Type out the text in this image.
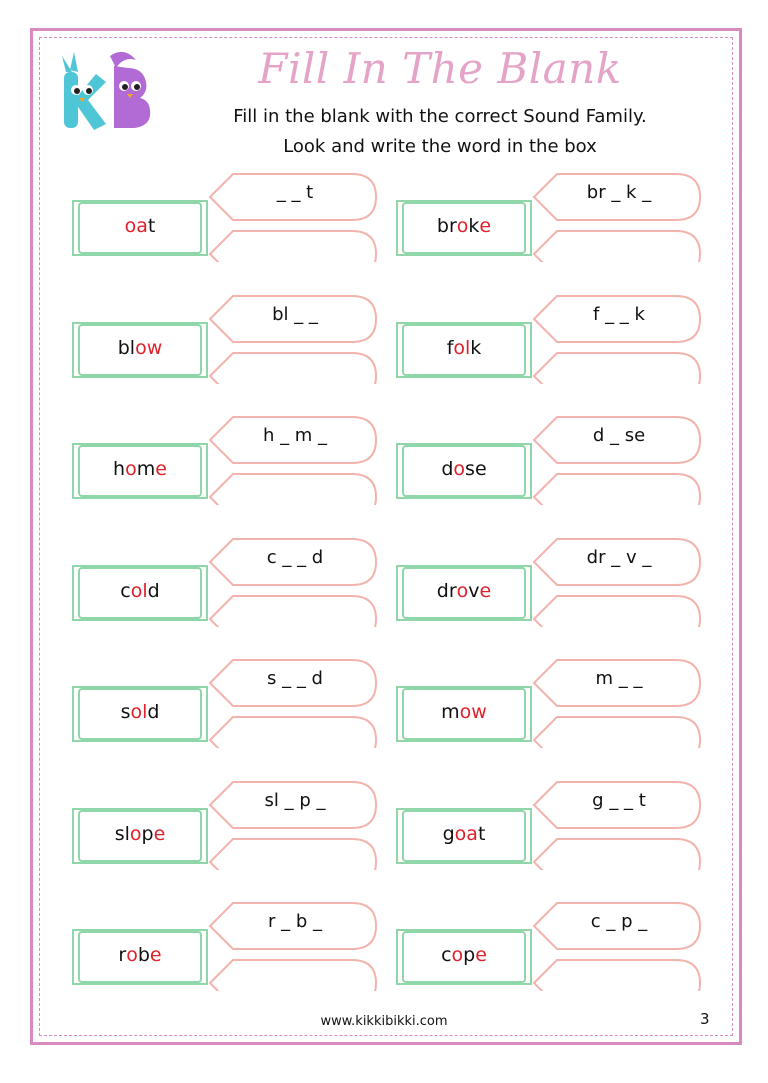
Fill In The Blank
Fill in the blank with the correct Sound Family.
Look and write the word in the box
oa t
_ _ t
br o k e
br _ k _
bl ow
bl _ _
f ol k
f _ _ k
h o m e
h _ m _
d o se
d _ se
c ol d
c _ _ d
dr o v e
dr _ v _
s ol d
s _ _ d
m ow
m _ _
sl o p e
sl _ p _
g oa t
g _ _ t
r o b e
r _ b _
c o p e
c _ p _
www.kikkibikki.com	3
